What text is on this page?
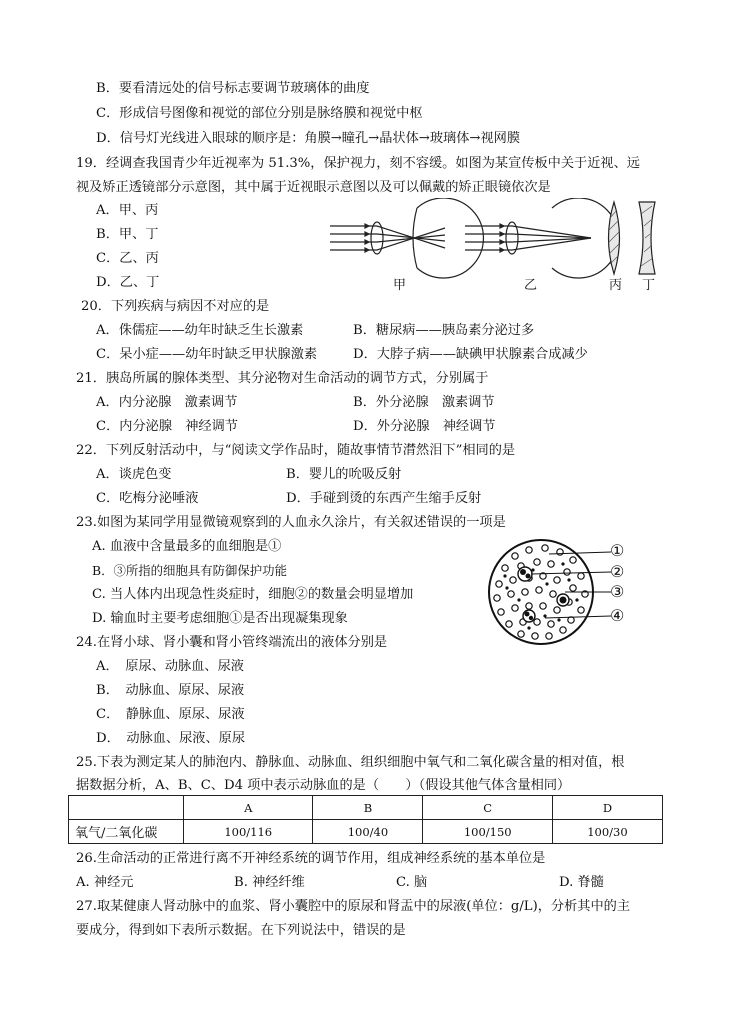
B．要看清远处的信号标志要调节玻璃体的曲度
C．形成信号图像和视觉的部位分别是脉络膜和视觉中枢
D．信号灯光线进入眼球的顺序是：角膜→瞳孔→晶状体→玻璃体→视网膜
19．经调查我国青少年近视率为 51.3%，保护视力，刻不容缓。如图为某宣传板中关于近视、远
视及矫正透镜部分示意图，其中属于近视眼示意图以及可以佩戴的矫正眼镜依次是
A．甲、丙
B．甲、丁
C．乙、丙
D．乙、丁	甲	乙	丙 丁
20．下列疾病与病因不对应的是
A．侏儒症——幼年时缺乏生长激素	B．糖尿病——胰岛素分泌过多
C．呆小症——幼年时缺乏甲状腺激素	D．大脖子病——缺碘甲状腺素合成减少
21．胰岛所属的腺体类型、其分泌物对生命活动的调节方式，分别属于
A．内分泌腺　激素调节	B．外分泌腺　激素调节
C．内分泌腺　神经调节	D．外分泌腺　神经调节
22．下列反射活动中，与“阅读文学作品时，随故事情节潸然泪下”相同的是
A．谈虎色变	B．婴儿的吮吸反射
C．吃梅分泌唾液	D．手碰到烫的东西产生缩手反射
23.如图为某同学用显微镜观察到的人血永久涂片，有关叙述错误的一项是
A. 血液中含量最多的血细胞是①
B．③所指的细胞具有防御保护功能
C. 当人体内出现急性炎症时，细胞②的数量会明显增加
D. 输血时主要考虑细胞①是否出现凝集现象
①
②
③
④
24.在肾小球、肾小囊和肾小管终端流出的液体分别是
A．　原尿、动脉血、尿液
B．　动脉血、原尿、尿液
C．　静脉血、原尿、尿液
D．　动脉血、尿液、原尿
25.下表为测定某人的肺泡内、静脉血、动脉血、组织细胞中氧气和二氧化碳含量的相对值，根
据数据分析，A、B、C、D4 项中表示动脉血的是（　　）（假设其他气体含量相同）
	A	B	C	D
氧气/二氧化碳	100/116	100/40	100/150	100/30
26.生命活动的正常进行离不开神经系统的调节作用，组成神经系统的基本单位是
A. 神经元	B. 神经纤维	C. 脑	D. 脊髓
27.取某健康人肾动脉中的血浆、肾小囊腔中的原尿和肾盂中的尿液(单位：g/L)，分析其中的主
要成分，得到如下表所示数据。在下列说法中，错误的是
